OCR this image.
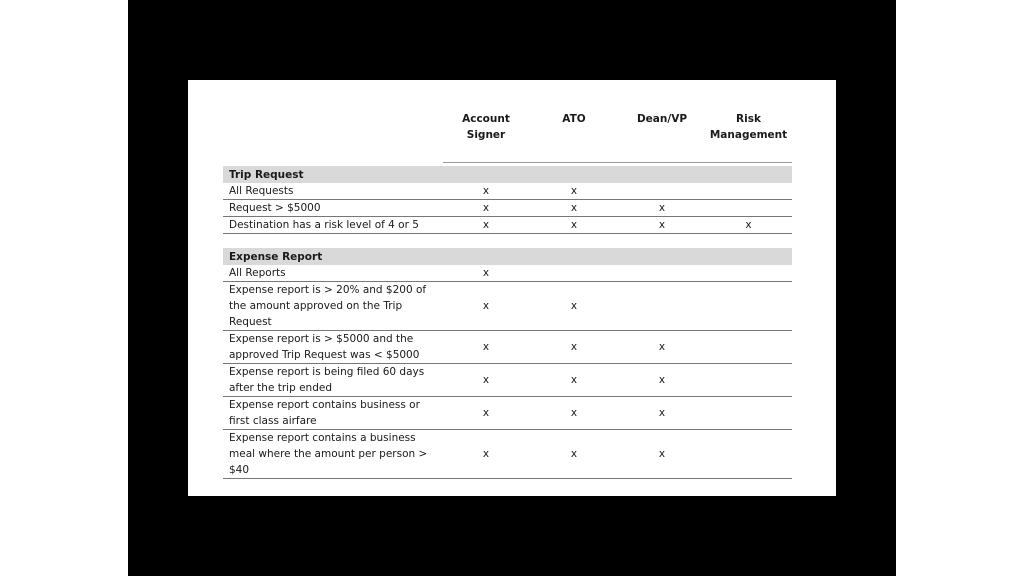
	Account
Signer	ATO	Dean/VP	Risk
Management

Trip Request				
All Requests	x	x		
Request > $5000	x	x	x	
Destination has a risk level of 4 or 5	x	x	x	x

Expense Report				
All Reports	x			
Expense report is > 20% and $200 of
the amount approved on the Trip
Request	x	x		
Expense report is > $5000 and the
approved Trip Request was < $5000	x	x	x	
Expense report is being filed 60 days
after the trip ended	x	x	x	
Expense report contains business or
first class airfare	x	x	x	
Expense report contains a business
meal where the amount per person >
$40	x	x	x	
